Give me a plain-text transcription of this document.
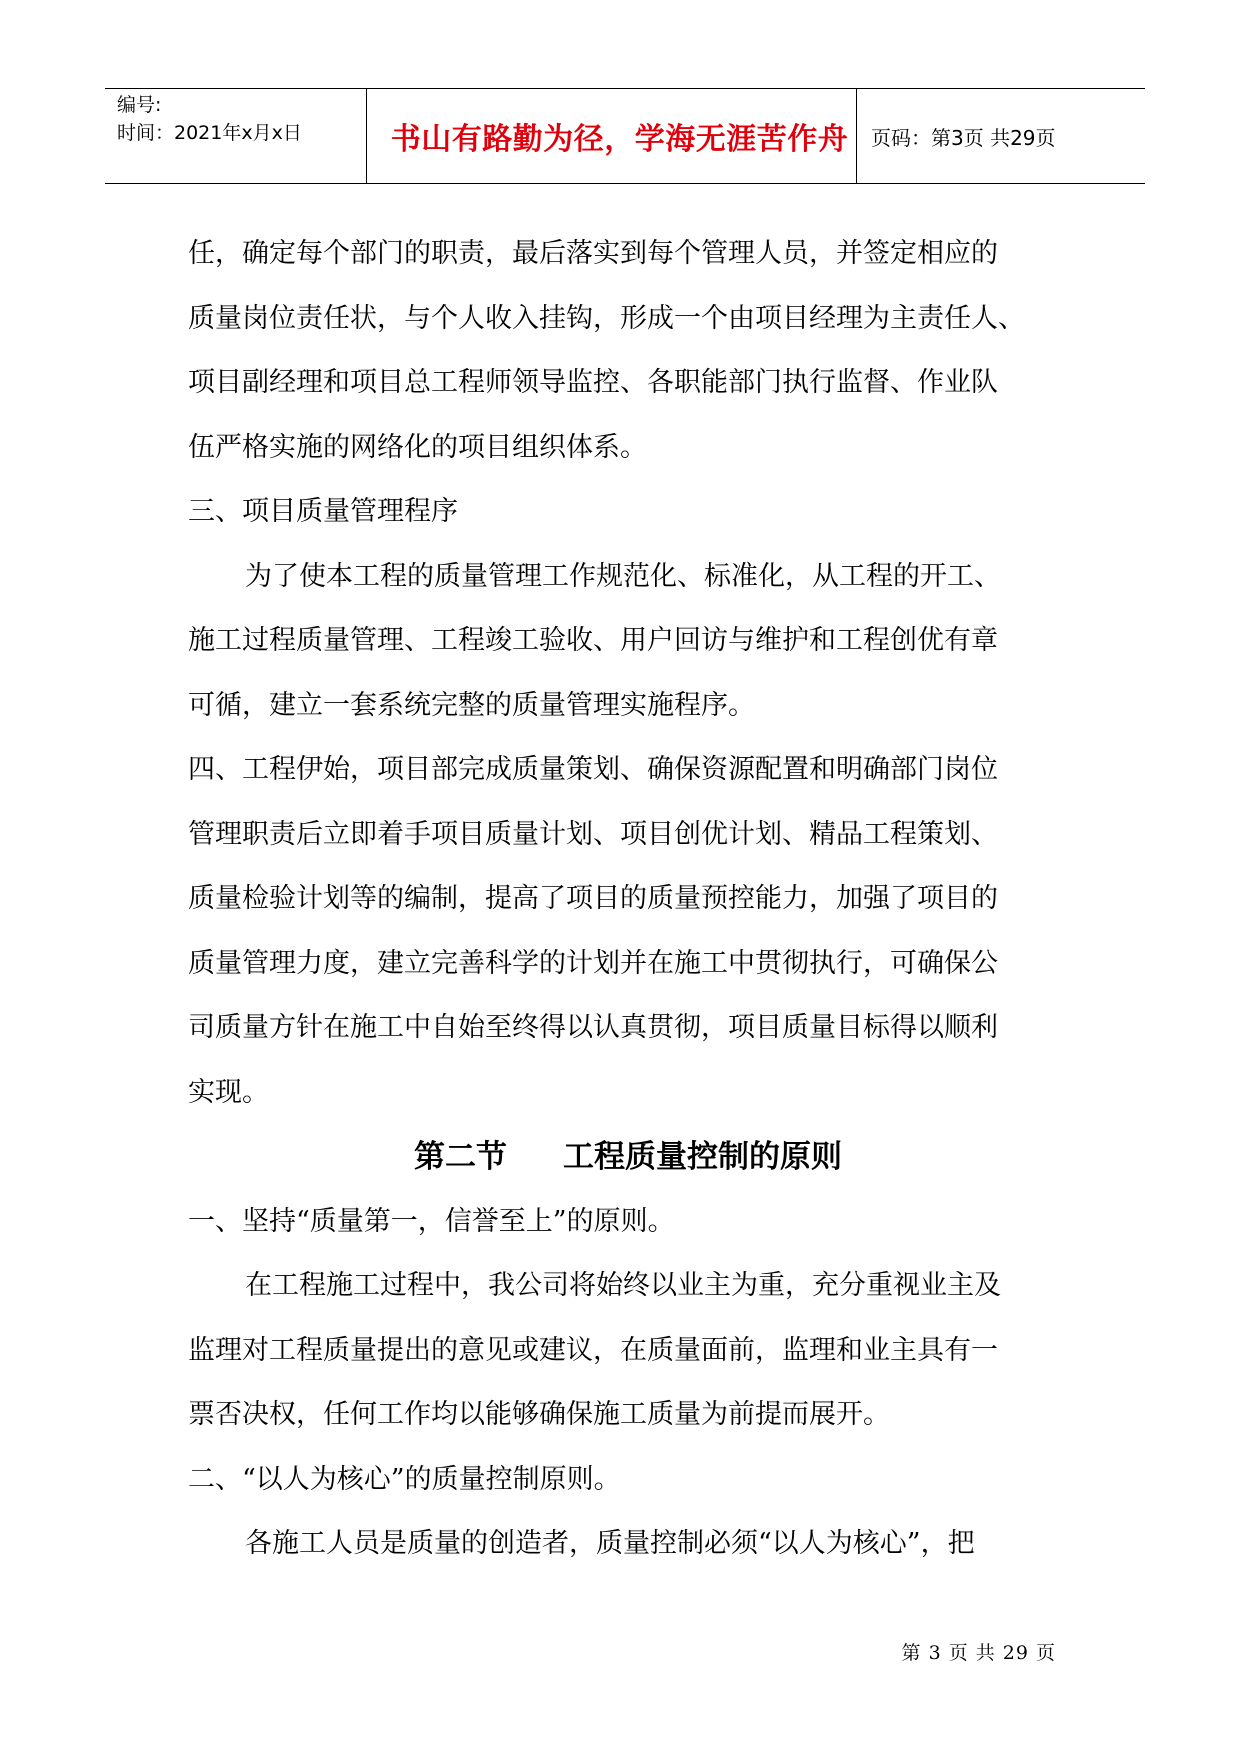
编号:
时间：2021年x月x日	书山有路勤为径，学海无涯苦作舟 页码：第3页 共29页

任，确定每个部门的职责，最后落实到每个管理人员，并签定相应的

质量岗位责任状，与个人收入挂钩，形成一个由项目经理为主责任人、

项目副经理和项目总工程师领导监控、各职能部门执行监督、作业队

伍严格实施的网络化的项目组织体系。

三、项目质量管理程序

为了使本工程的质量管理工作规范化、标准化，从工程的开工、

施工过程质量管理、工程竣工验收、用户回访与维护和工程创优有章

可循，建立一套系统完整的质量管理实施程序。

四、工程伊始，项目部完成质量策划、确保资源配置和明确部门岗位

管理职责后立即着手项目质量计划、项目创优计划、精品工程策划、

质量检验计划等的编制，提高了项目的质量预控能力，加强了项目的

质量管理力度，建立完善科学的计划并在施工中贯彻执行，可确保公

司质量方针在施工中自始至终得以认真贯彻，项目质量目标得以顺利

实现。

第二节 工程质量控制的原则

一、坚持“质量第一，信誉至上”的原则。

在工程施工过程中，我公司将始终以业主为重，充分重视业主及

监理对工程质量提出的意见或建议，在质量面前，监理和业主具有一

票否决权，任何工作均以能够确保施工质量为前提而展开。

二、“以人为核心”的质量控制原则。

各施工人员是质量的创造者，质量控制必须“以人为核心”，把

第 3 页 共 29 页
